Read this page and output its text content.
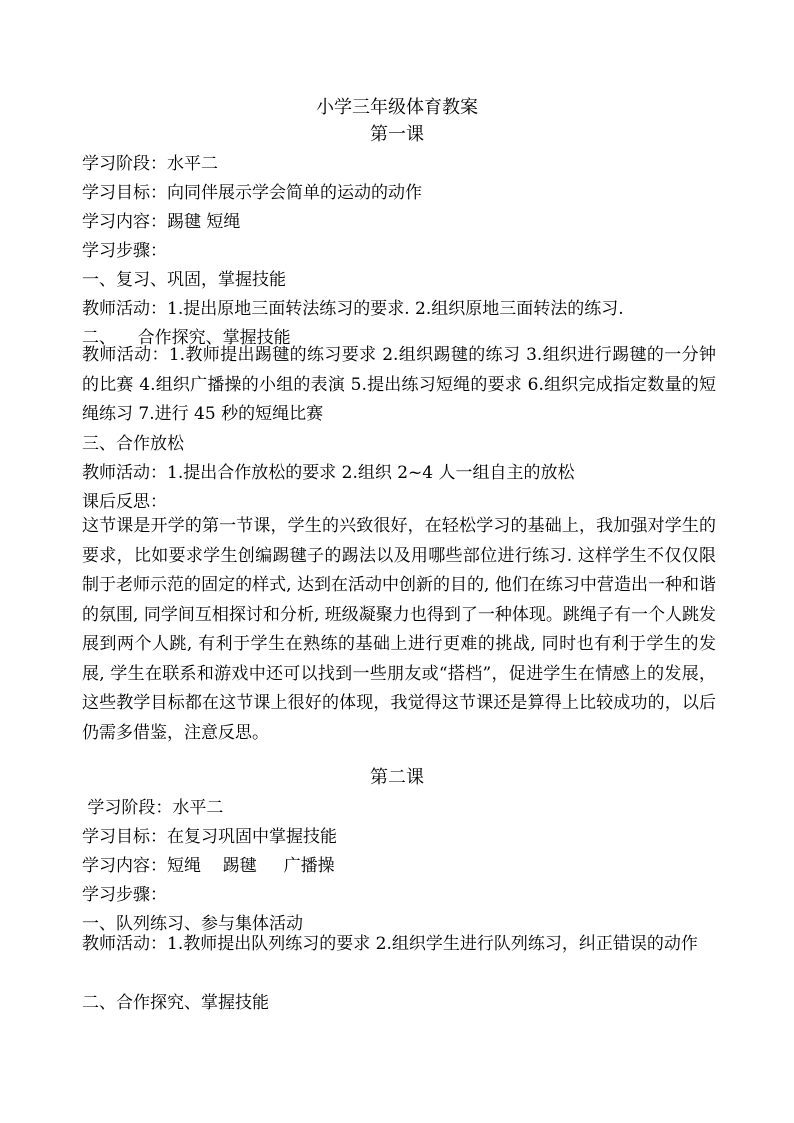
小学三年级体育教案
第一课
学习阶段：水平二
学习目标：向同伴展示学会简单的运动的动作
学习内容：踢毽 短绳
学习步骤：
一、复习、巩固，掌握技能
教师活动：1.提出原地三面转法练习的要求. 2.组织原地三面转法的练习.
二、    合作探究、掌握技能
教师活动：1.教师提出踢毽的练习要求 2.组织踢毽的练习 3.组织进行踢毽的一分钟的比赛 4.组织广播操的小组的表演 5.提出练习短绳的要求 6.组织完成指定数量的短绳练习 7.进行 45 秒的短绳比赛
三、合作放松
教师活动：1.提出合作放松的要求 2.组织 2~4 人一组自主的放松
课后反思：
这节课是开学的第一节课，学生的兴致很好，在轻松学习的基础上，我加强对学生的要求，比如要求学生创编踢毽子的踢法以及用哪些部位进行练习. 这样学生不仅仅限制于老师示范的固定的样式, 达到在活动中创新的目的, 他们在练习中营造出一种和谐的氛围, 同学间互相探讨和分析, 班级凝聚力也得到了一种体现。跳绳子有一个人跳发展到两个人跳, 有利于学生在熟练的基础上进行更难的挑战, 同时也有利于学生的发展, 学生在联系和游戏中还可以找到一些朋友或“搭档”，促进学生在情感上的发展，这些教学目标都在这节课上很好的体现，我觉得这节课还是算得上比较成功的，以后仍需多借鉴，注意反思。
第二课
学习阶段：水平二
学习目标：在复习巩固中掌握技能
学习内容：短绳    踢毽     广播操
学习步骤：
一、队列练习、参与集体活动
教师活动：1.教师提出队列练习的要求 2.组织学生进行队列练习，纠正错误的动作
二、合作探究、掌握技能
